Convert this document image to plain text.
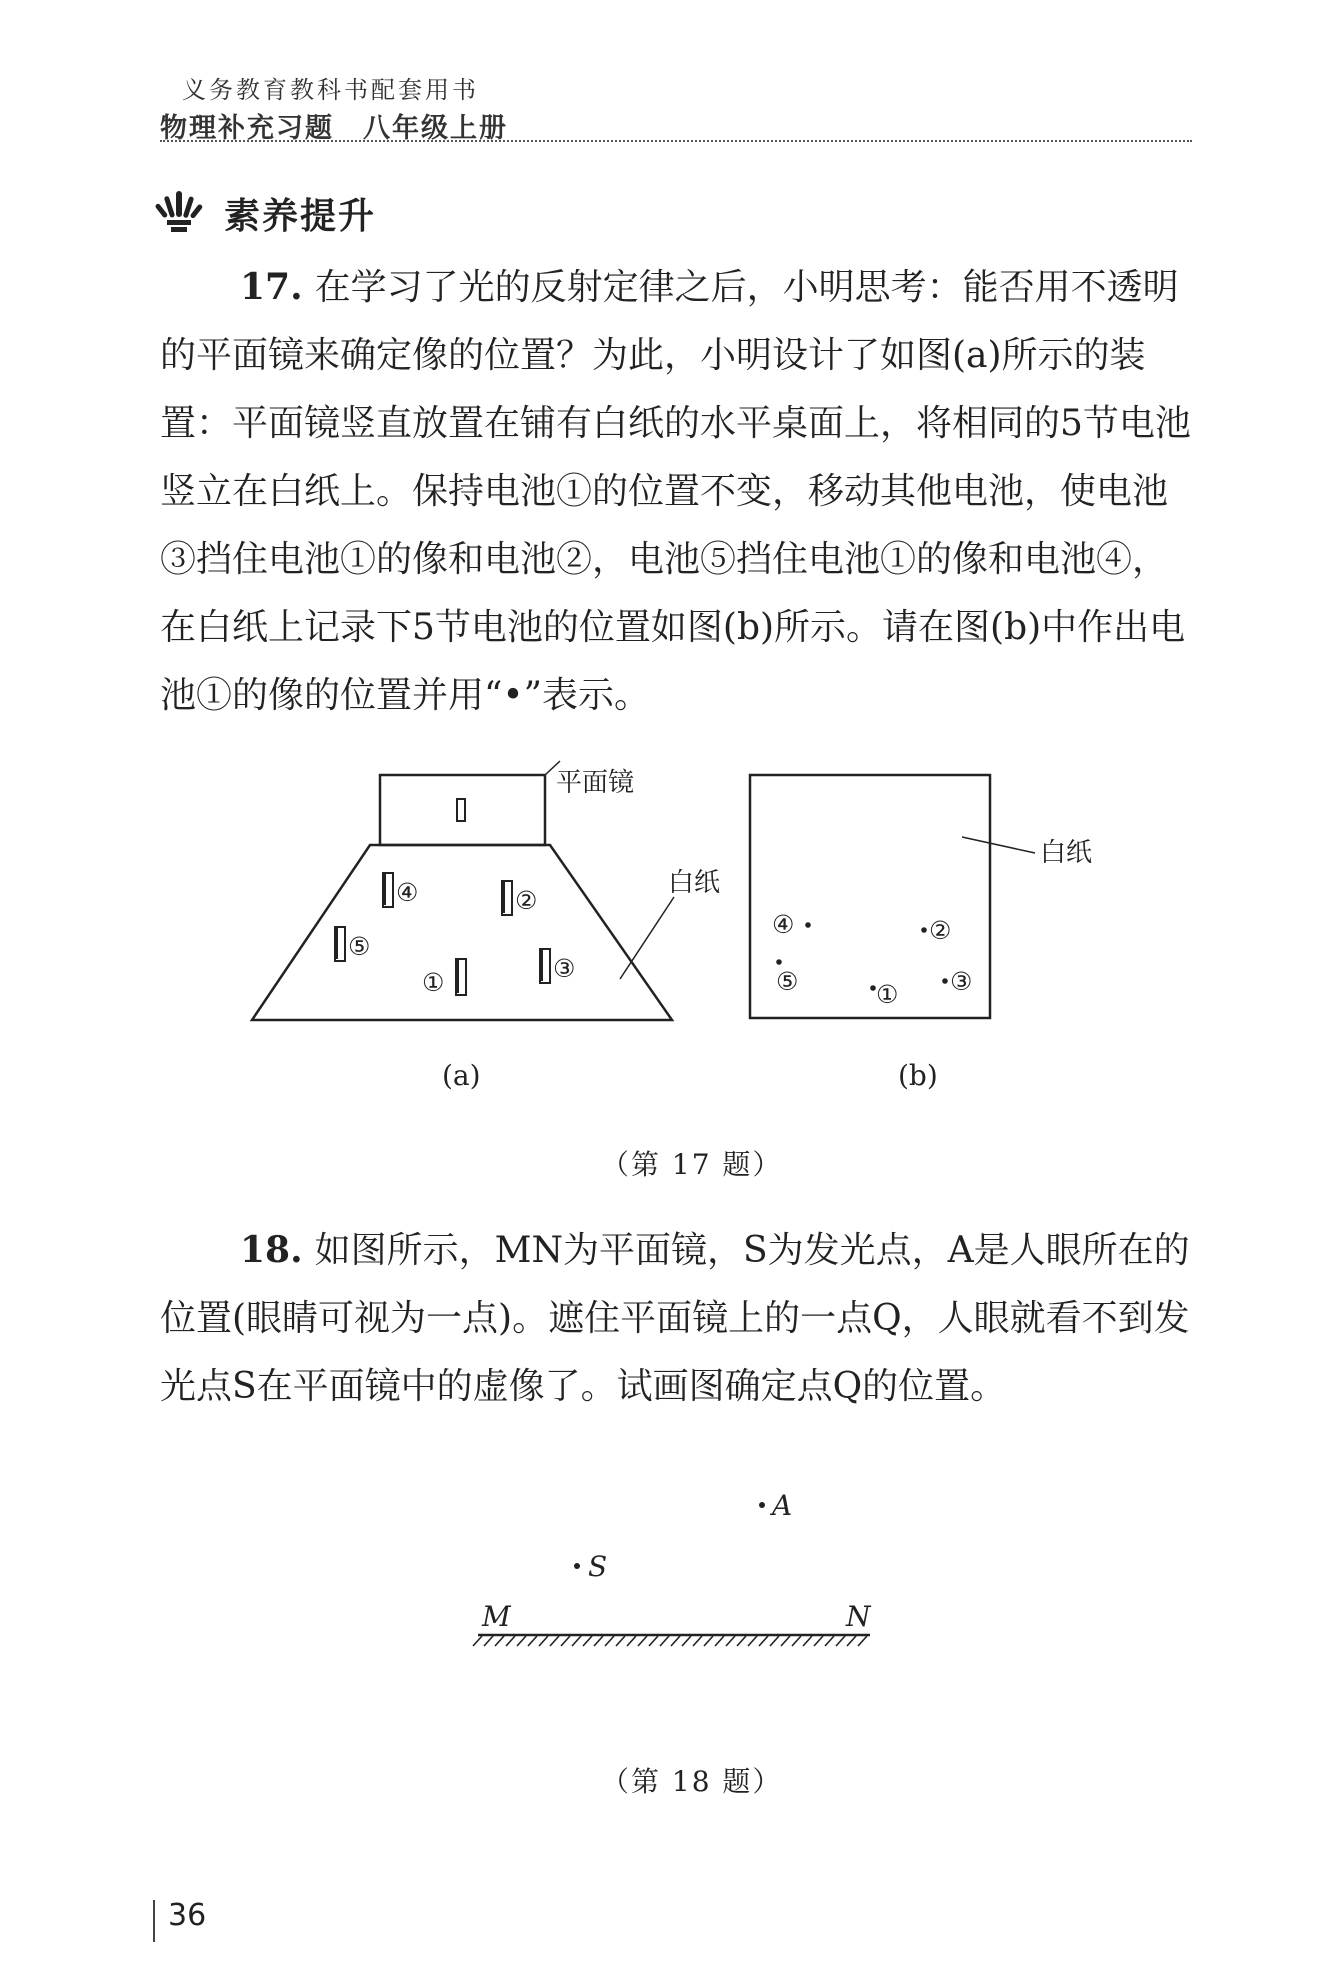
义务教育教科书配套用书
物理补充习题　八年级上册
素养提升

17. 在学习了光的反射定律之后，小明思考：能否用不透明的平面镜来确定像的位置？为此，小明设计了如图(a)所示的装置：平面镜竖直放置在铺有白纸的水平桌面上，将相同的5节电池竖立在白纸上。保持电池①的位置不变，移动其他电池，使电池③挡住电池①的像和电池②，电池⑤挡住电池①的像和电池④，在白纸上记录下5节电池的位置如图(b)所示。请在图(b)中作出电池①的像的位置并用“•”表示。

平面镜
白纸
④	②
⑤
①	③
(a)
白纸
④	②
⑤	① ③
(b)
（第 17 题）

18. 如图所示，MN为平面镜，S为发光点，A是人眼所在的位置(眼睛可视为一点)。遮住平面镜上的一点Q，人眼就看不到发光点S在平面镜中的虚像了。试画图确定点Q的位置。

A
S
M	N
（第 18 题）
36
